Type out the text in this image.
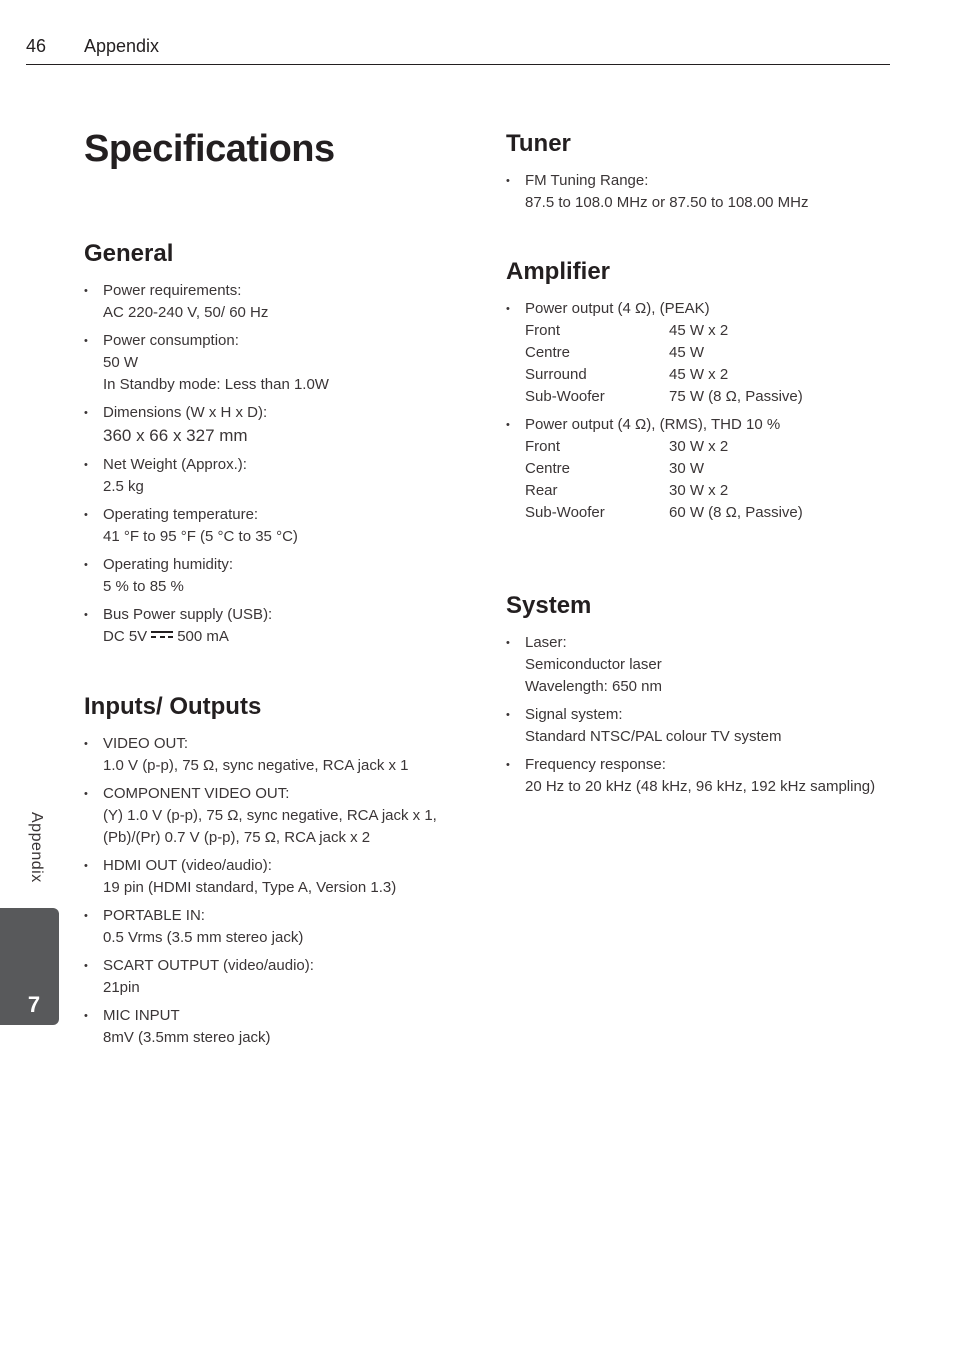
46 Appendix
Specifications
General
• Power requirements:
AC 220-240 V, 50/ 60 Hz
• Power consumption:
50 W
In Standby mode: Less than 1.0W
• Dimensions (W x H x D):
360 x 66 x 327 mm
• Net Weight (Approx.):
2.5 kg
• Operating temperature:
41 °F to 95 °F (5 °C to 35 °C)
• Operating humidity:
5 % to 85 %
• Bus Power supply (USB):
DC 5V 500 mA
Inputs/ Outputs
• VIDEO OUT:
1.0 V (p-p), 75 Ω, sync negative, RCA jack x 1
• COMPONENT VIDEO OUT:
(Y) 1.0 V (p-p), 75 Ω, sync negative, RCA jack x 1,
(Pb)/(Pr) 0.7 V (p-p), 75 Ω, RCA jack x 2
• HDMI OUT (video/audio):
19 pin (HDMI standard, Type A, Version 1.3)
• PORTABLE IN:
0.5 Vrms (3.5 mm stereo jack)
• SCART OUTPUT (video/audio):
21pin
• MIC INPUT
8mV (3.5mm stereo jack)
Tuner
• FM Tuning Range:
87.5 to 108.0 MHz or 87.50 to 108.00 MHz
Amplifier
• Power output (4 Ω), (PEAK)
Front	45 W x 2
Centre	45 W
Surround	45 W x 2
Sub-Woofer	75 W (8 Ω, Passive)
• Power output (4 Ω), (RMS), THD 10 %
Front	30 W x 2
Centre	30 W
Rear	30 W x 2
Sub-Woofer	60 W (8 Ω, Passive)
System
• Laser:
Semiconductor laser
Wavelength: 650 nm
• Signal system:
Standard NTSC/PAL colour TV system
• Frequency response:
20 Hz to 20 kHz (48 kHz, 96 kHz, 192 kHz sampling)
Appendix
7
